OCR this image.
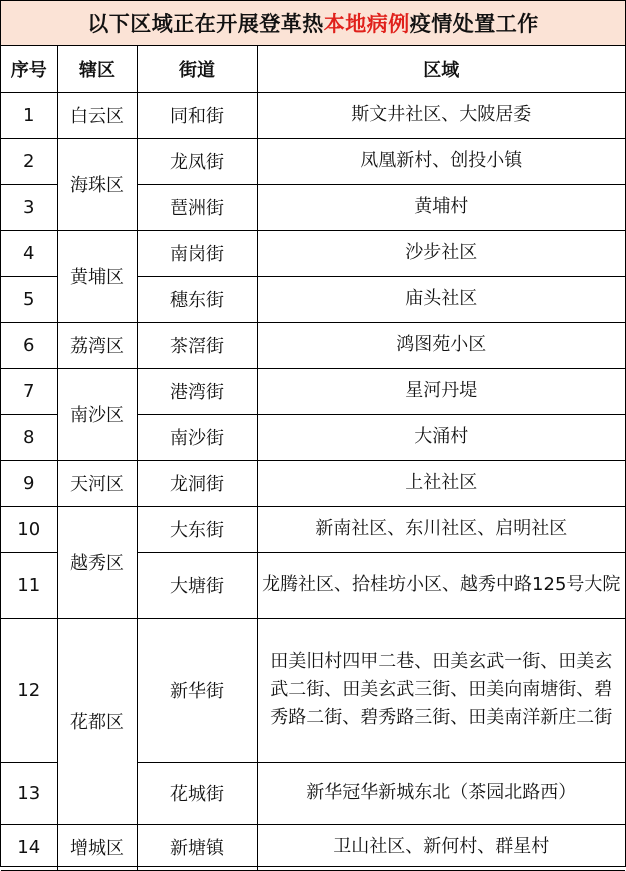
以下区域正在开展登革热 本地病例 疫情处置工作
序号	辖区	街道	区域
1	白云区	同和街	斯文井社区、大陂居委
2	海珠区	龙凤街	凤凰新村、创投小镇
3		琶洲街	黄埔村
4	黄埔区	南岗街	沙步社区
5		穗东街	庙头社区
6	荔湾区	茶滘街	鸿图苑小区
7	南沙区	港湾街	星河丹堤
8		南沙街	大涌村
9	天河区	龙洞街	上社社区
10	越秀区	大东街	新南社区、东川社区、启明社区
11		大塘街	龙腾社区、拾桂坊小区、越秀中路125号大院
12	花都区	新华街	田美旧村四甲二巷、田美玄武一街、田美玄武二街、田美玄武三街、田美向南塘街、碧秀路二街、碧秀路三街、田美南洋新庄二街
13		花城街	新华冠华新城东北（茶园北路西）
14	增城区	新塘镇	卫山社区、新何村、群星村
